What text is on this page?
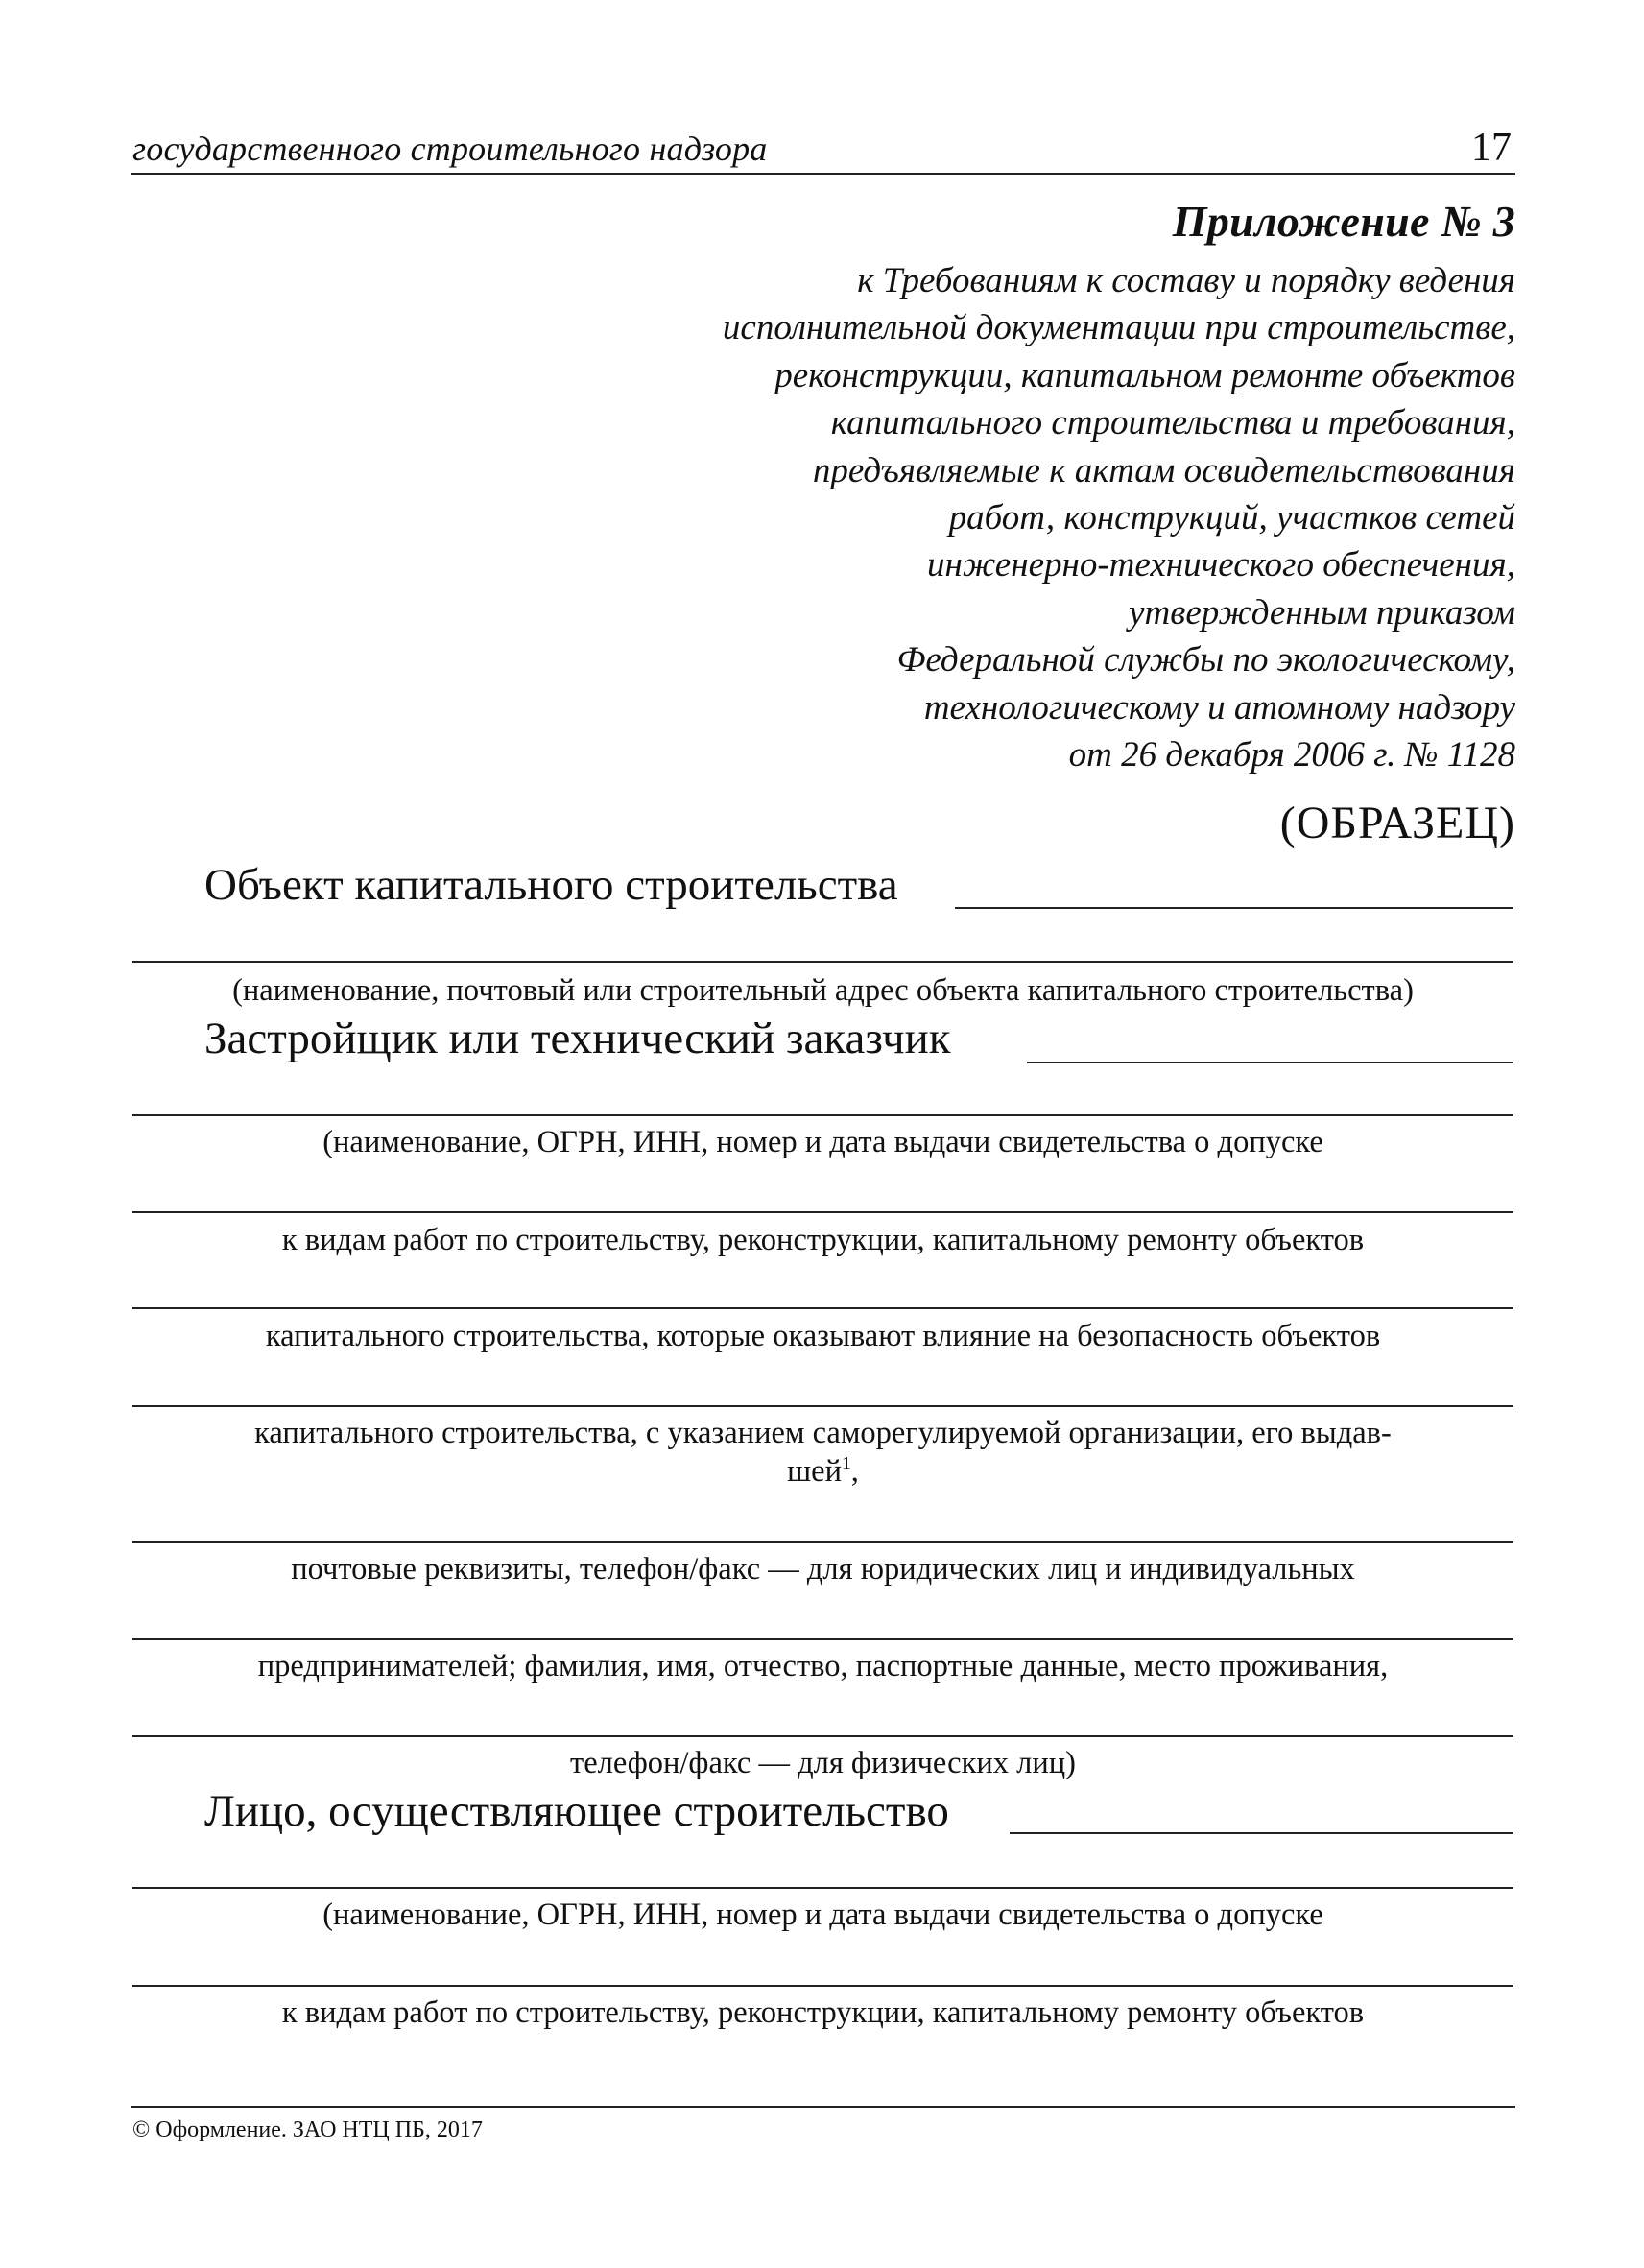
государственного строительного надзора	17
Приложение № 3
к Требованиям к составу и порядку ведения
исполнительной документации при строительстве,
реконструкции, капитальном ремонте объектов
капитального строительства и требования,
предъявляемые к актам освидетельствования
работ, конструкций, участков сетей
инженерно-технического обеспечения,
утвержденным приказом
Федеральной службы по экологическому,
технологическому и атомному надзору
от 26 декабря 2006 г. № 1128
(ОБРАЗЕЦ)
Объект капитального строительства
(наименование, почтовый или строительный адрес объекта капитального строительства)
Застройщик или технический заказчик
(наименование, ОГРН, ИНН, номер и дата выдачи свидетельства о допуске
к видам работ по строительству, реконструкции, капитальному ремонту объектов
капитального строительства, которые оказывают влияние на безопасность объектов
капитального строительства, с указанием саморегулируемой организации, его выдав-
шей$^1$,
почтовые реквизиты, телефон/факс — для юридических лиц и индивидуальных
предпринимателей; фамилия, имя, отчество, паспортные данные, место проживания,
телефон/факс — для физических лиц)
Лицо, осуществляющее строительство
(наименование, ОГРН, ИНН, номер и дата выдачи свидетельства о допуске
к видам работ по строительству, реконструкции, капитальному ремонту объектов
© Оформление. ЗАО НТЦ ПБ, 2017
